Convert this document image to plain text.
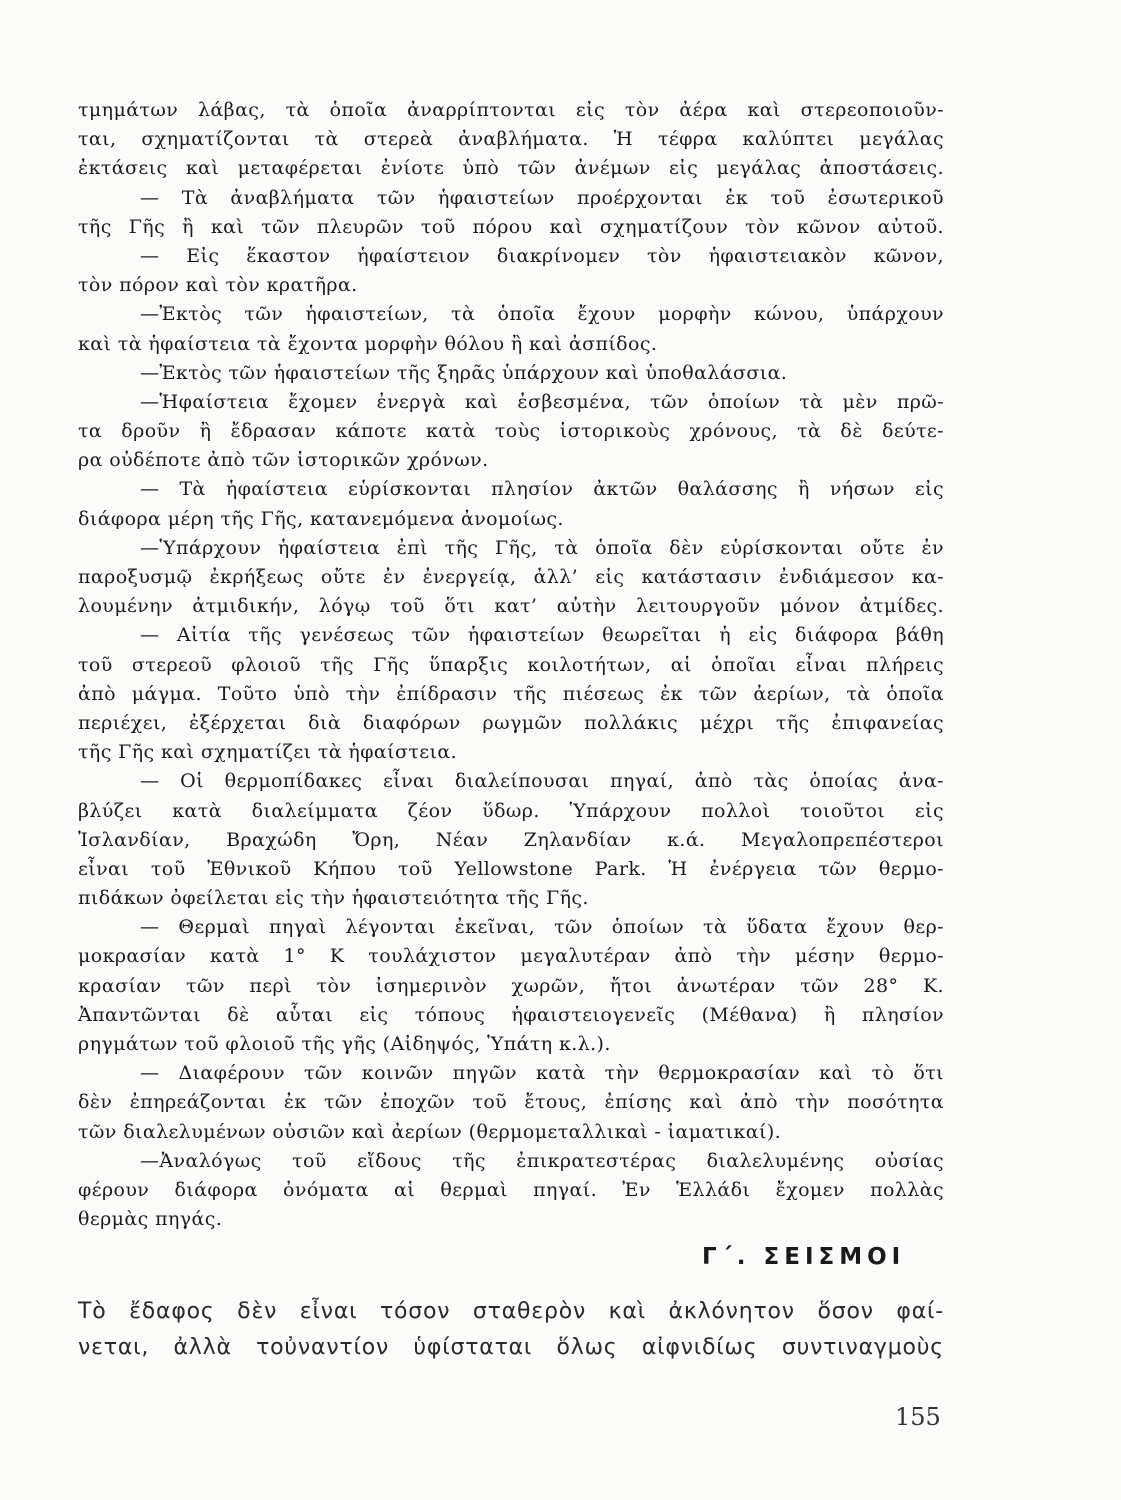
τμημάτων λάβας, τὰ ὁποῖα ἀναρρίπτονται εἰς τὸν ἀέρα καὶ στερεοποιοῦν-
ται, σχηματίζονται τὰ στερεὰ ἀναβλήματα. Ἡ τέφρα καλύπτει μεγάλας
ἐκτάσεις καὶ μεταφέρεται ἐνίοτε ὑπὸ τῶν ἀνέμων εἰς μεγάλας ἀποστάσεις.
— Τὰ ἀναβλήματα τῶν ἡφαιστείων προέρχονται ἐκ τοῦ ἐσωτερικοῦ
τῆς Γῆς ἢ καὶ τῶν πλευρῶν τοῦ πόρου καὶ σχηματίζουν τὸν κῶνον αὐτοῦ.
— Εἰς ἕκαστον ἡφαίστειον διακρίνομεν τὸν ἡφαιστειακὸν κῶνον,
τὸν πόρον καὶ τὸν κρατῆρα.
—Ἐκτὸς τῶν ἡφαιστείων, τὰ ὁποῖα ἔχουν μορφὴν κώνου, ὑπάρχουν
καὶ τὰ ἡφαίστεια τὰ ἔχοντα μορφὴν θόλου ἢ καὶ ἀσπίδος.
—Ἐκτὸς τῶν ἡφαιστείων τῆς ξηρᾶς ὑπάρχουν καὶ ὑποθαλάσσια.
—Ἡφαίστεια ἔχομεν ἐνεργὰ καὶ ἐσβεσμένα, τῶν ὁποίων τὰ μὲν πρῶ-
τα δροῦν ἢ ἔδρασαν κάποτε κατὰ τοὺς ἱστορικοὺς χρόνους, τὰ δὲ δεύτε-
ρα οὐδέποτε ἀπὸ τῶν ἱστορικῶν χρόνων.
— Τὰ ἡφαίστεια εὑρίσκονται πλησίον ἀκτῶν θαλάσσης ἢ νήσων εἰς
διάφορα μέρη τῆς Γῆς, κατανεμόμενα ἀνομοίως.
—Ὑπάρχουν ἡφαίστεια ἐπὶ τῆς Γῆς, τὰ ὁποῖα δὲν εὑρίσκονται οὔτε ἐν
παροξυσμῷ ἐκρήξεως οὔτε ἐν ἐνεργείᾳ, ἀλλ’ εἰς κατάστασιν ἐνδιάμεσον κα-
λουμένην ἀτμιδικήν, λόγῳ τοῦ ὅτι κατ’ αὐτὴν λειτουργοῦν μόνον ἀτμίδες.
— Αἰτία τῆς γενέσεως τῶν ἡφαιστείων θεωρεῖται ἡ εἰς διάφορα βάθη
τοῦ στερεοῦ φλοιοῦ τῆς Γῆς ὕπαρξις κοιλοτήτων, αἱ ὁποῖαι εἶναι πλήρεις
ἀπὸ μάγμα. Τοῦτο ὑπὸ τὴν ἐπίδρασιν τῆς πιέσεως ἐκ τῶν ἀερίων, τὰ ὁποῖα
περιέχει, ἐξέρχεται διὰ διαφόρων ρωγμῶν πολλάκις μέχρι τῆς ἐπιφανείας
τῆς Γῆς καὶ σχηματίζει τὰ ἡφαίστεια.
— Οἱ θερμοπίδακες εἶναι διαλείπουσαι πηγαί, ἀπὸ τὰς ὁποίας ἀνα-
βλύζει κατὰ διαλείμματα ζέον ὕδωρ. Ὑπάρχουν πολλοὶ τοιοῦτοι εἰς
Ἰσλανδίαν, Βραχώδη Ὄρη, Νέαν Ζηλανδίαν κ.ά. Μεγαλοπρεπέστεροι
εἶναι τοῦ Ἐθνικοῦ Κήπου τοῦ Yellowstone Park. Ἡ ἐνέργεια τῶν θερμο-
πιδάκων ὀφείλεται εἰς τὴν ἡφαιστειότητα τῆς Γῆς.
— Θερμαὶ πηγαὶ λέγονται ἐκεῖναι, τῶν ὁποίων τὰ ὕδατα ἔχουν θερ-
μοκρασίαν κατὰ 1° Κ τουλάχιστον μεγαλυτέραν ἀπὸ τὴν μέσην θερμο-
κρασίαν τῶν περὶ τὸν ἰσημερινὸν χωρῶν, ἤτοι ἀνωτέραν τῶν 28° Κ.
Ἀπαντῶνται δὲ αὗται εἰς τόπους ἡφαιστειογενεῖς (Μέθανα) ἢ πλησίον
ρηγμάτων τοῦ φλοιοῦ τῆς γῆς (Αἰδηψός, Ὑπάτη κ.λ.).
— Διαφέρουν τῶν κοινῶν πηγῶν κατὰ τὴν θερμοκρασίαν καὶ τὸ ὅτι
δὲν ἐπηρεάζονται ἐκ τῶν ἐποχῶν τοῦ ἔτους, ἐπίσης καὶ ἀπὸ τὴν ποσότητα
τῶν διαλελυμένων οὐσιῶν καὶ ἀερίων (θερμομεταλλικαὶ - ἰαματικαί).
—Ἀναλόγως τοῦ εἴδους τῆς ἐπικρατεστέρας διαλελυμένης οὐσίας
φέρουν διάφορα ὀνόματα αἱ θερμαὶ πηγαί. Ἐν Ἑλλάδι ἔχομεν πολλὰς
θερμὰς πηγάς.
Γ΄. ΣΕΙΣΜΟΙ
Τὸ ἔδαφος δὲν εἶναι τόσον σταθερὸν καὶ ἀκλόνητον ὅσον φαί-
νεται, ἀλλὰ τοὐναντίον ὑφίσταται ὅλως αἰφνιδίως συντιναγμοὺς
155
